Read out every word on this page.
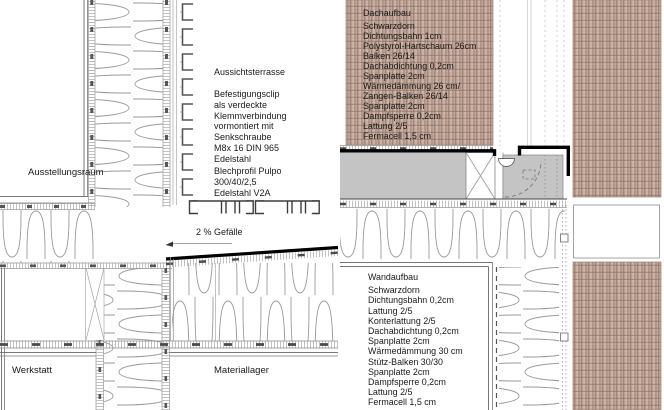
Ausstellungsraum
Aussichtsterrasse
Befestigungsclip
als verdeckte
Klemmverbindung
vormontiert mit
Senkschraube
M8x 16 DIN 965
Edelstahl
Blechprofil Pulpo
300/40/2,5
Edelstahl V2A
2 % Gefälle
Werkstatt	Materiallager
Dachaufbau
Schwarzdorn
Dichtungsbahn 1cm
Polystyrol-Hartschaum 26cm
Balken 26/14
Dachabdichtung 0,2cm
Spanplatte 2cm
Wärmedämmung 26 cm/
Zangen-Balken 26/14
Spanplatte 2cm
Dampfsperre 0,2cm
Lattung 2/5
Fermacell 1,5 cm
Wandaufbau
Schwarzdorn
Dichtungsbahn 0,2cm
Lattung 2/5
Konterlattung 2/5
Dachabdichtung 0,2cm
Spanplatte 2cm
Wärmedämmung 30 cm
Stütz-Balken 30/30
Spanplatte 2cm
Dampfsperre 0,2cm
Lattung 2/5
Fermacell 1,5 cm
